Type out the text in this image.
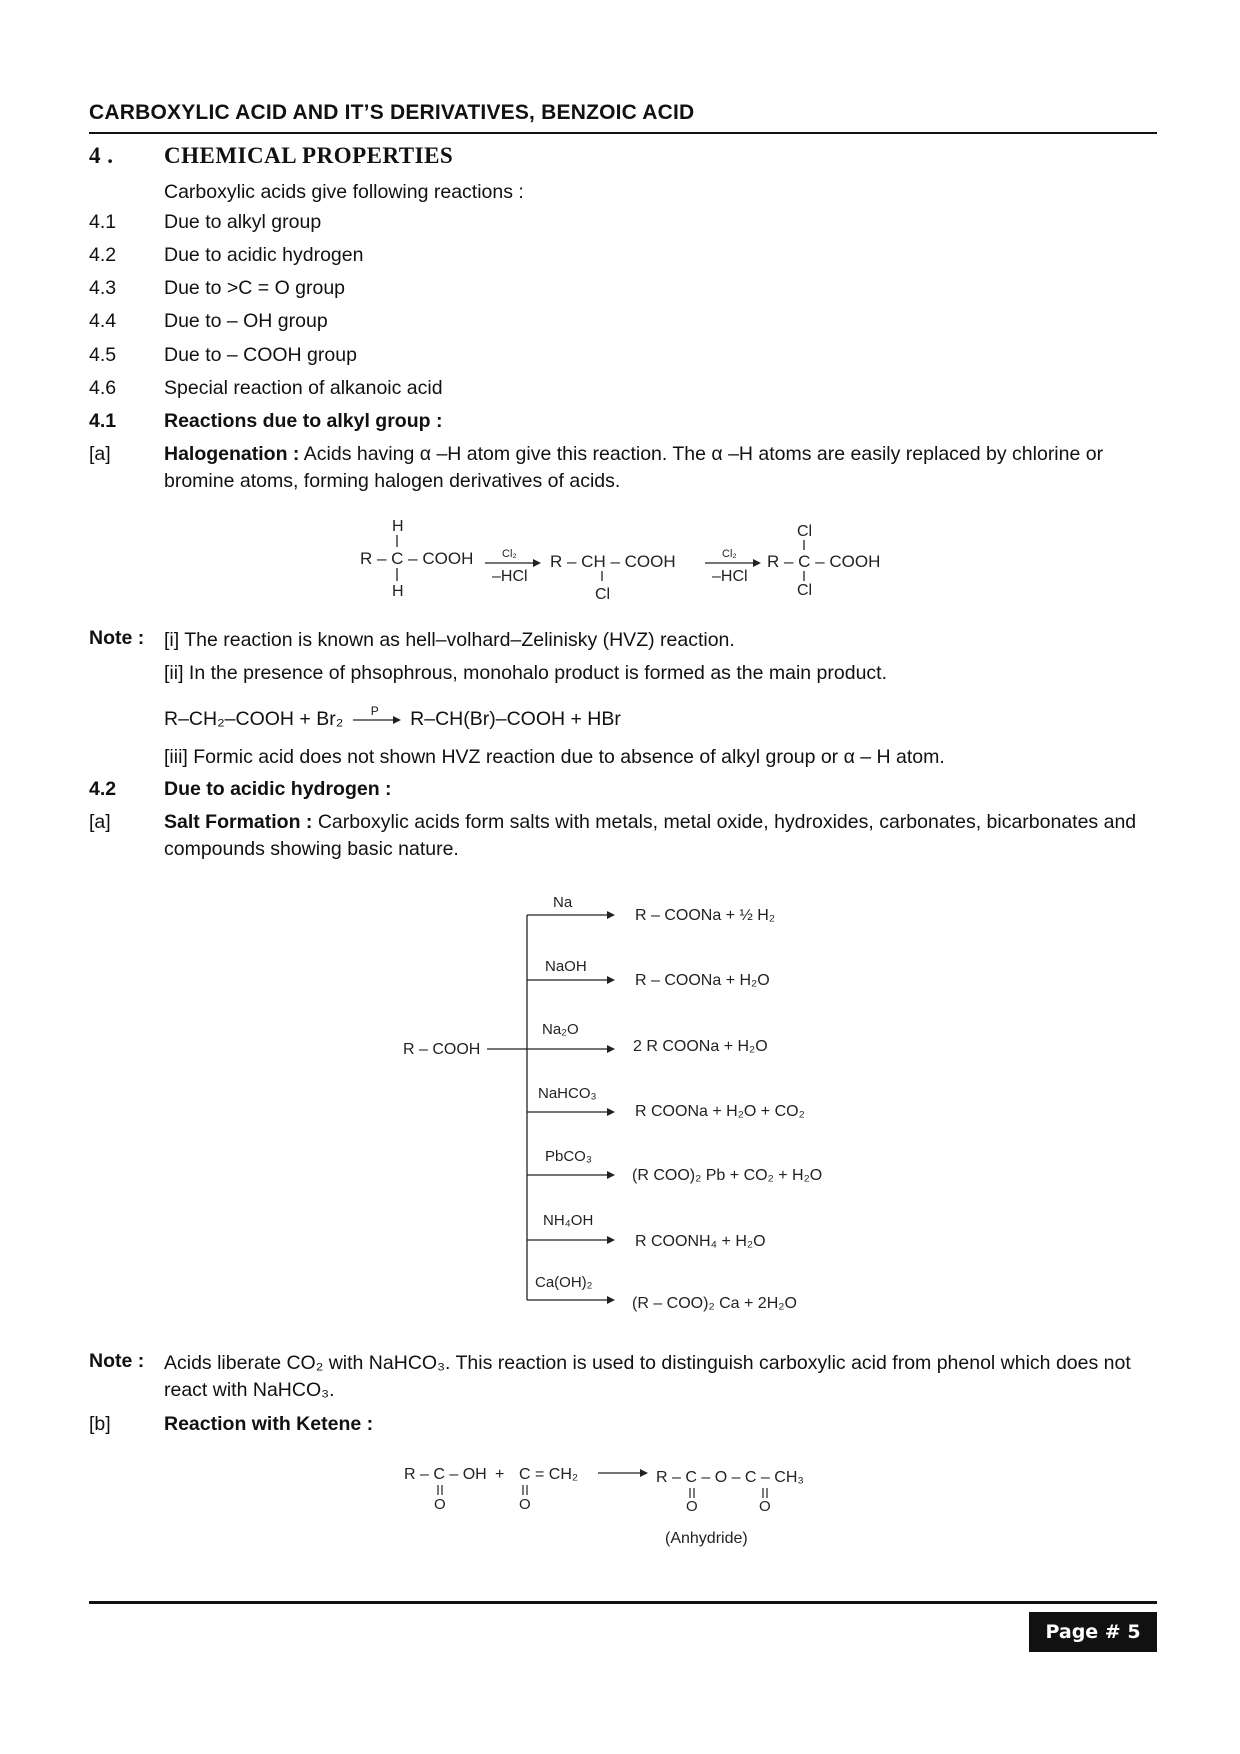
CARBOXYLIC ACID AND IT’S DERIVATIVES, BENZOIC ACID
4 . CHEMICAL PROPERTIES
Carboxylic acids give following reactions :
4.1 Due to alkyl group
4.2 Due to acidic hydrogen
4.3 Due to >C = O group
4.4 Due to – OH group
4.5 Due to – COOH group
4.6 Special reaction of alkanoic acid
4.1 Reactions due to alkyl group :
[a]	Halogenation : Acids having α –H atom give this reaction. The α –H atoms are easily replaced by chlorine or bromine atoms, forming halogen derivatives of acids.
H
R – C – COOH
H
Cl₂
–HCl
R – CH – COOH
Cl
Cl₂
–HCl
Cl
R – C – COOH
Cl
Note : [i] The reaction is known as hell–volhard–Zelinisky (HVZ) reaction.
[ii] In the presence of phsophrous, monohalo product is formed as the main product.
R–CH₂–COOH + Br₂ P R–CH(Br)–COOH + HBr
[iii] Formic acid does not shown HVZ reaction due to absence of alkyl group or α – H atom.
4.2 Due to acidic hydrogen :
[a]	Salt Formation : Carboxylic acids form salts with metals, metal oxide, hydroxides, carbonates, bicarbonates and compounds showing basic nature.
R – COOH
Na
R – COONa + ½ H₂
NaOH
R – COONa + H₂O
Na₂O
2 R COONa + H₂O
NaHCO₃
R COONa + H₂O + CO₂
PbCO₃
(R COO)₂ Pb + CO₂ + H₂O
NH₄OH
R COONH₄ + H₂O
Ca(OH)₂
(R – COO)₂ Ca + 2H₂O
Note : Acids liberate CO₂ with NaHCO₃. This reaction is used to distinguish carboxylic acid from phenol which does not react with NaHCO₃.
[b]	Reaction with Ketene :
R – C – OH
O
+ C = CH₂
O
R – C – O – C – CH₃
O	O
(Anhydride)
Page # 5
